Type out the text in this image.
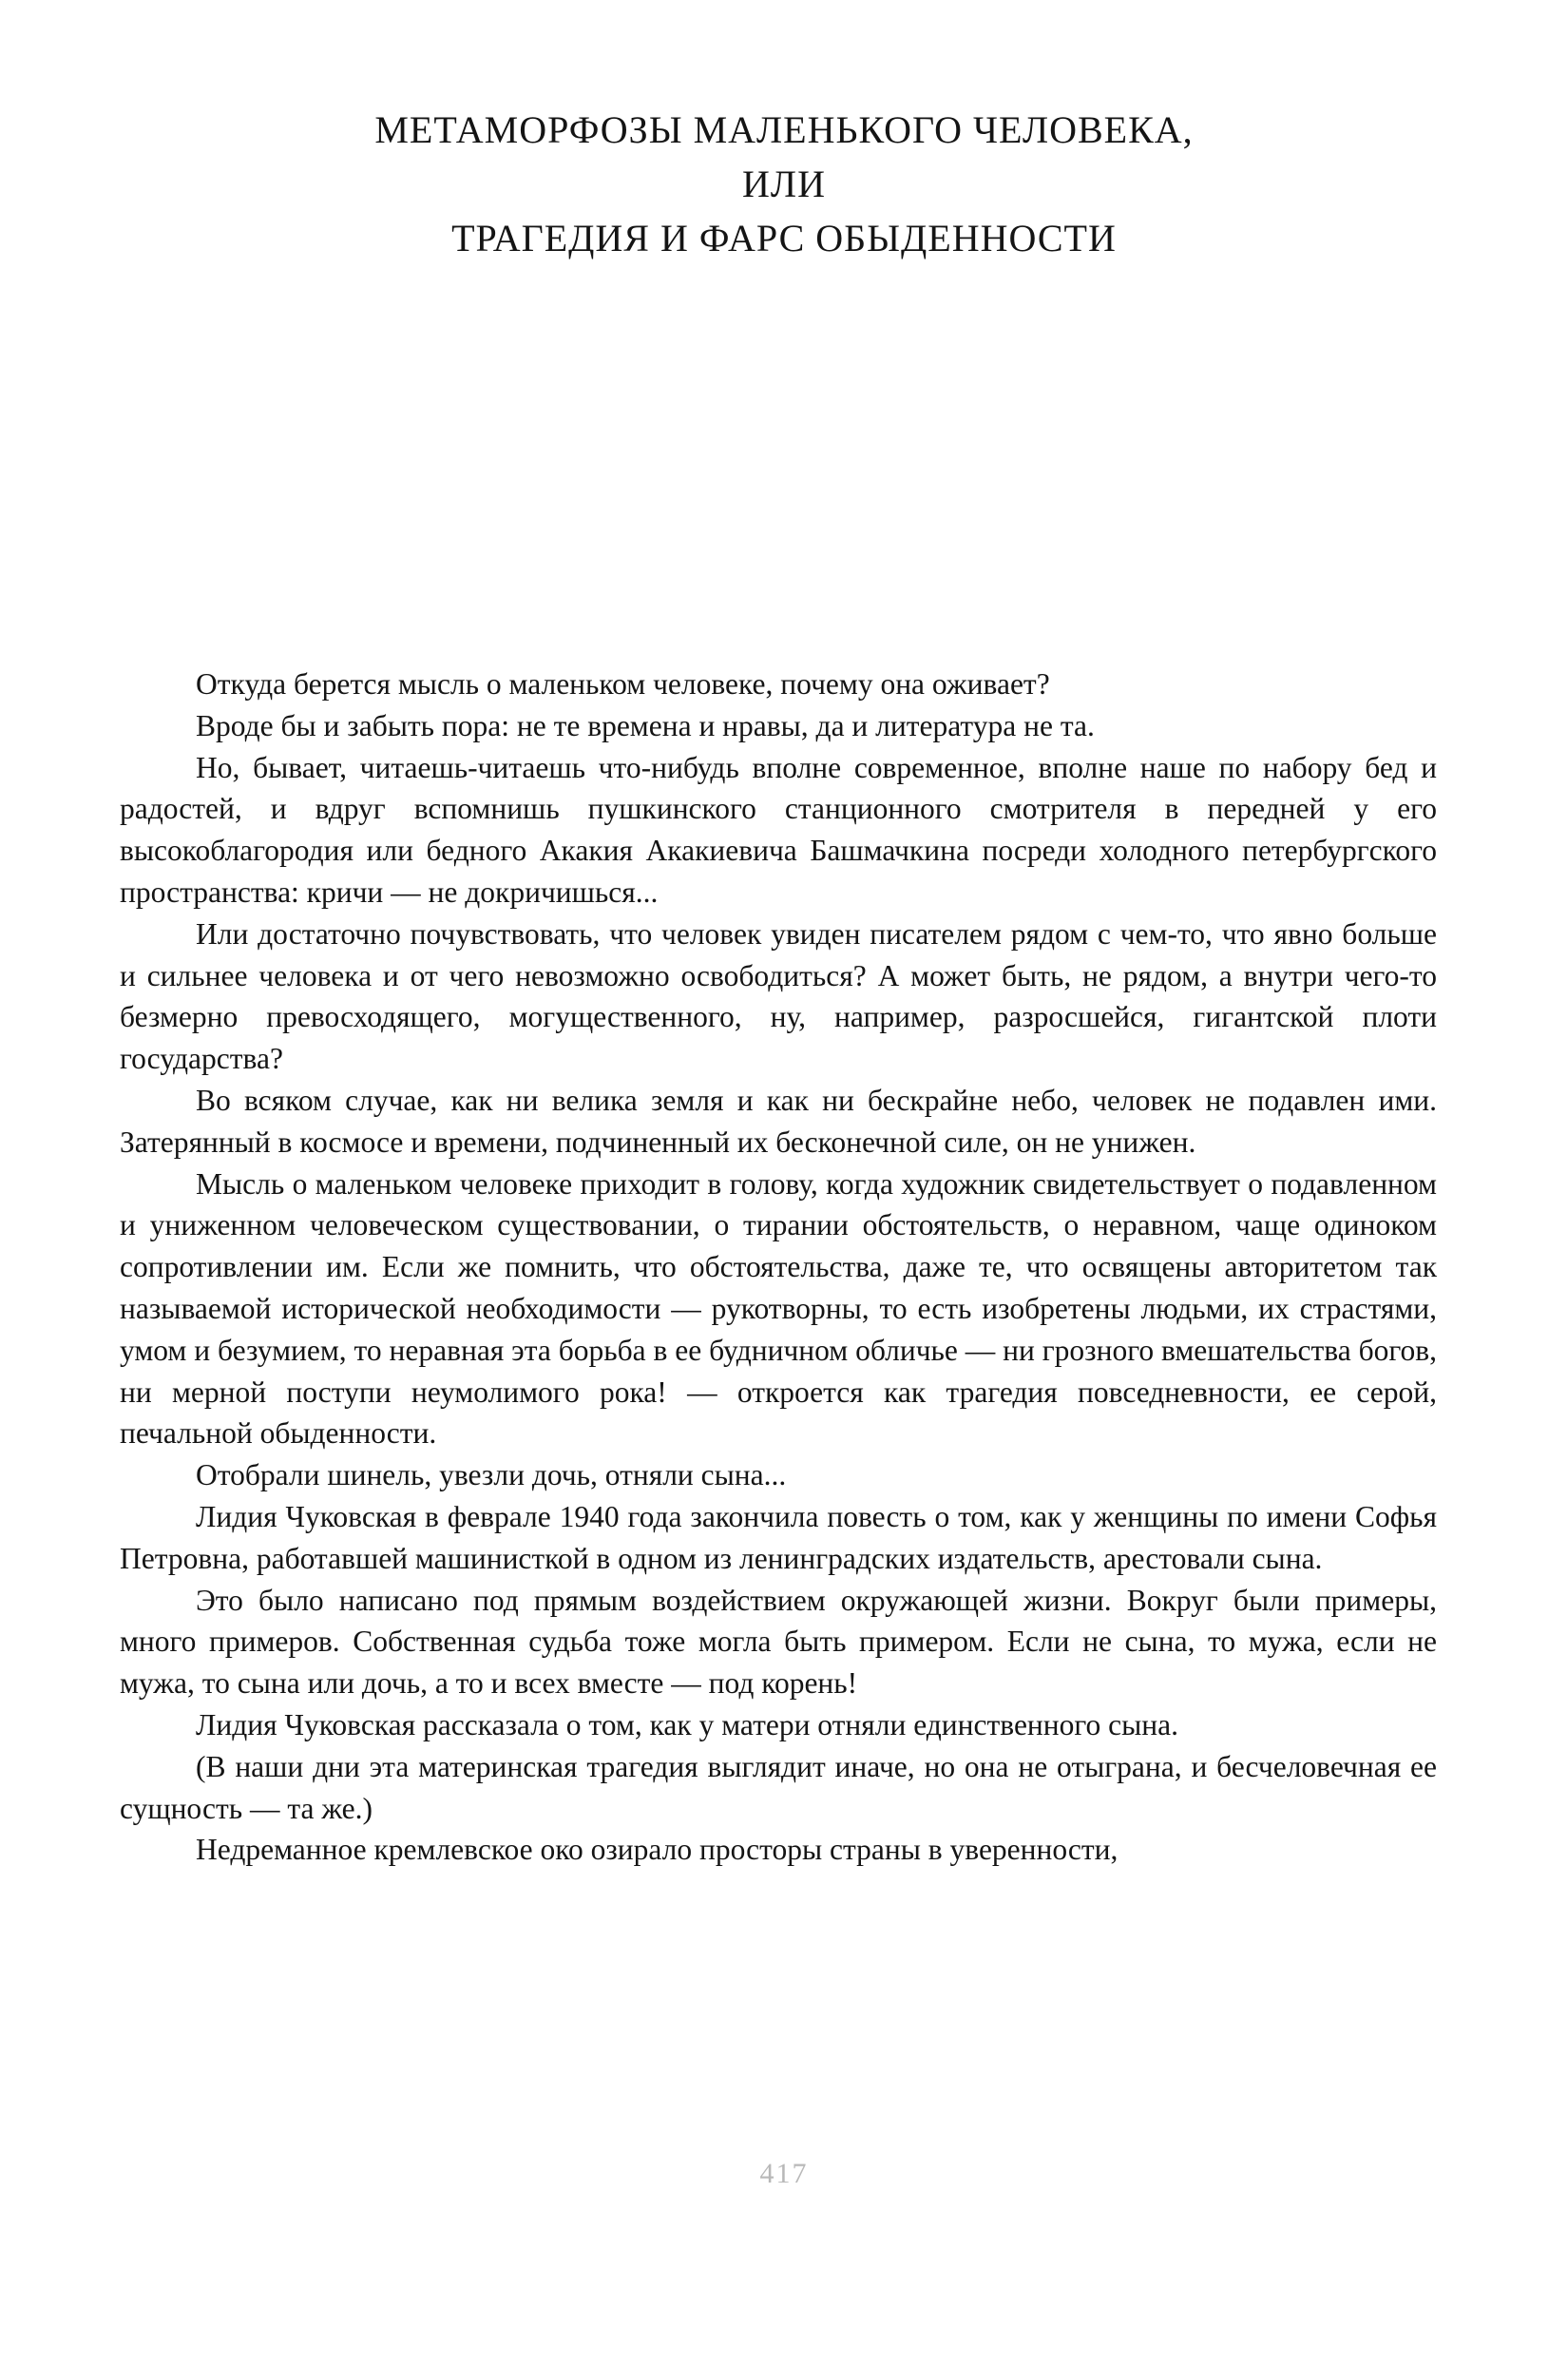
МЕТАМОРФОЗЫ МАЛЕНЬКОГО ЧЕЛОВЕКА,
ИЛИ
ТРАГЕДИЯ И ФАРС ОБЫДЕННОСТИ

Откуда берется мысль о маленьком человеке, почему она оживает?

Вроде бы и забыть пора: не те времена и нравы, да и литература не та.

Но, бывает, читаешь-читаешь что-нибудь вполне современное, вполне наше по набору бед и радостей, и вдруг вспомнишь пушкинского станционного смотрителя в передней у его высокоблагородия или бедного Акакия Акакиевича Башмачкина посреди холодного петербургского пространства: кричи — не докричишься...

Или достаточно почувствовать, что человек увиден писателем рядом с чем-то, что явно больше и сильнее человека и от чего невозможно освободиться? А может быть, не рядом, а внутри чего-то безмерно превосходящего, могущественного, ну, например, разросшейся, гигантской плоти государства?

Во всяком случае, как ни велика земля и как ни бескрайне небо, человек не подавлен ими. Затерянный в космосе и времени, подчиненный их бесконечной силе, он не унижен.

Мысль о маленьком человеке приходит в голову, когда художник свидетельствует о подавленном и униженном человеческом существовании, о тирании обстоятельств, о неравном, чаще одиноком сопротивлении им. Если же помнить, что обстоятельства, даже те, что освящены авторитетом так называемой исторической необходимости — рукотворны, то есть изобретены людьми, их страстями, умом и безумием, то неравная эта борьба в ее будничном обличье — ни грозного вмешательства богов, ни мерной поступи неумолимого рока! — откроется как трагедия повседневности, ее серой, печальной обыденности.

Отобрали шинель, увезли дочь, отняли сына...

Лидия Чуковская в феврале 1940 года закончила повесть о том, как у женщины по имени Софья Петровна, работавшей машинисткой в одном из ленинградских издательств, арестовали сына.

Это было написано под прямым воздействием окружающей жизни. Вокруг были примеры, много примеров. Собственная судьба тоже могла быть примером. Если не сына, то мужа, если не мужа, то сына или дочь, а то и всех вместе — под корень!

Лидия Чуковская рассказала о том, как у матери отняли единственного сына.

(В наши дни эта материнская трагедия выглядит иначе, но она не отыграна, и бесчеловечная ее сущность — та же.)

Недреманное кремлевское око озирало просторы страны в уверенности,

417
